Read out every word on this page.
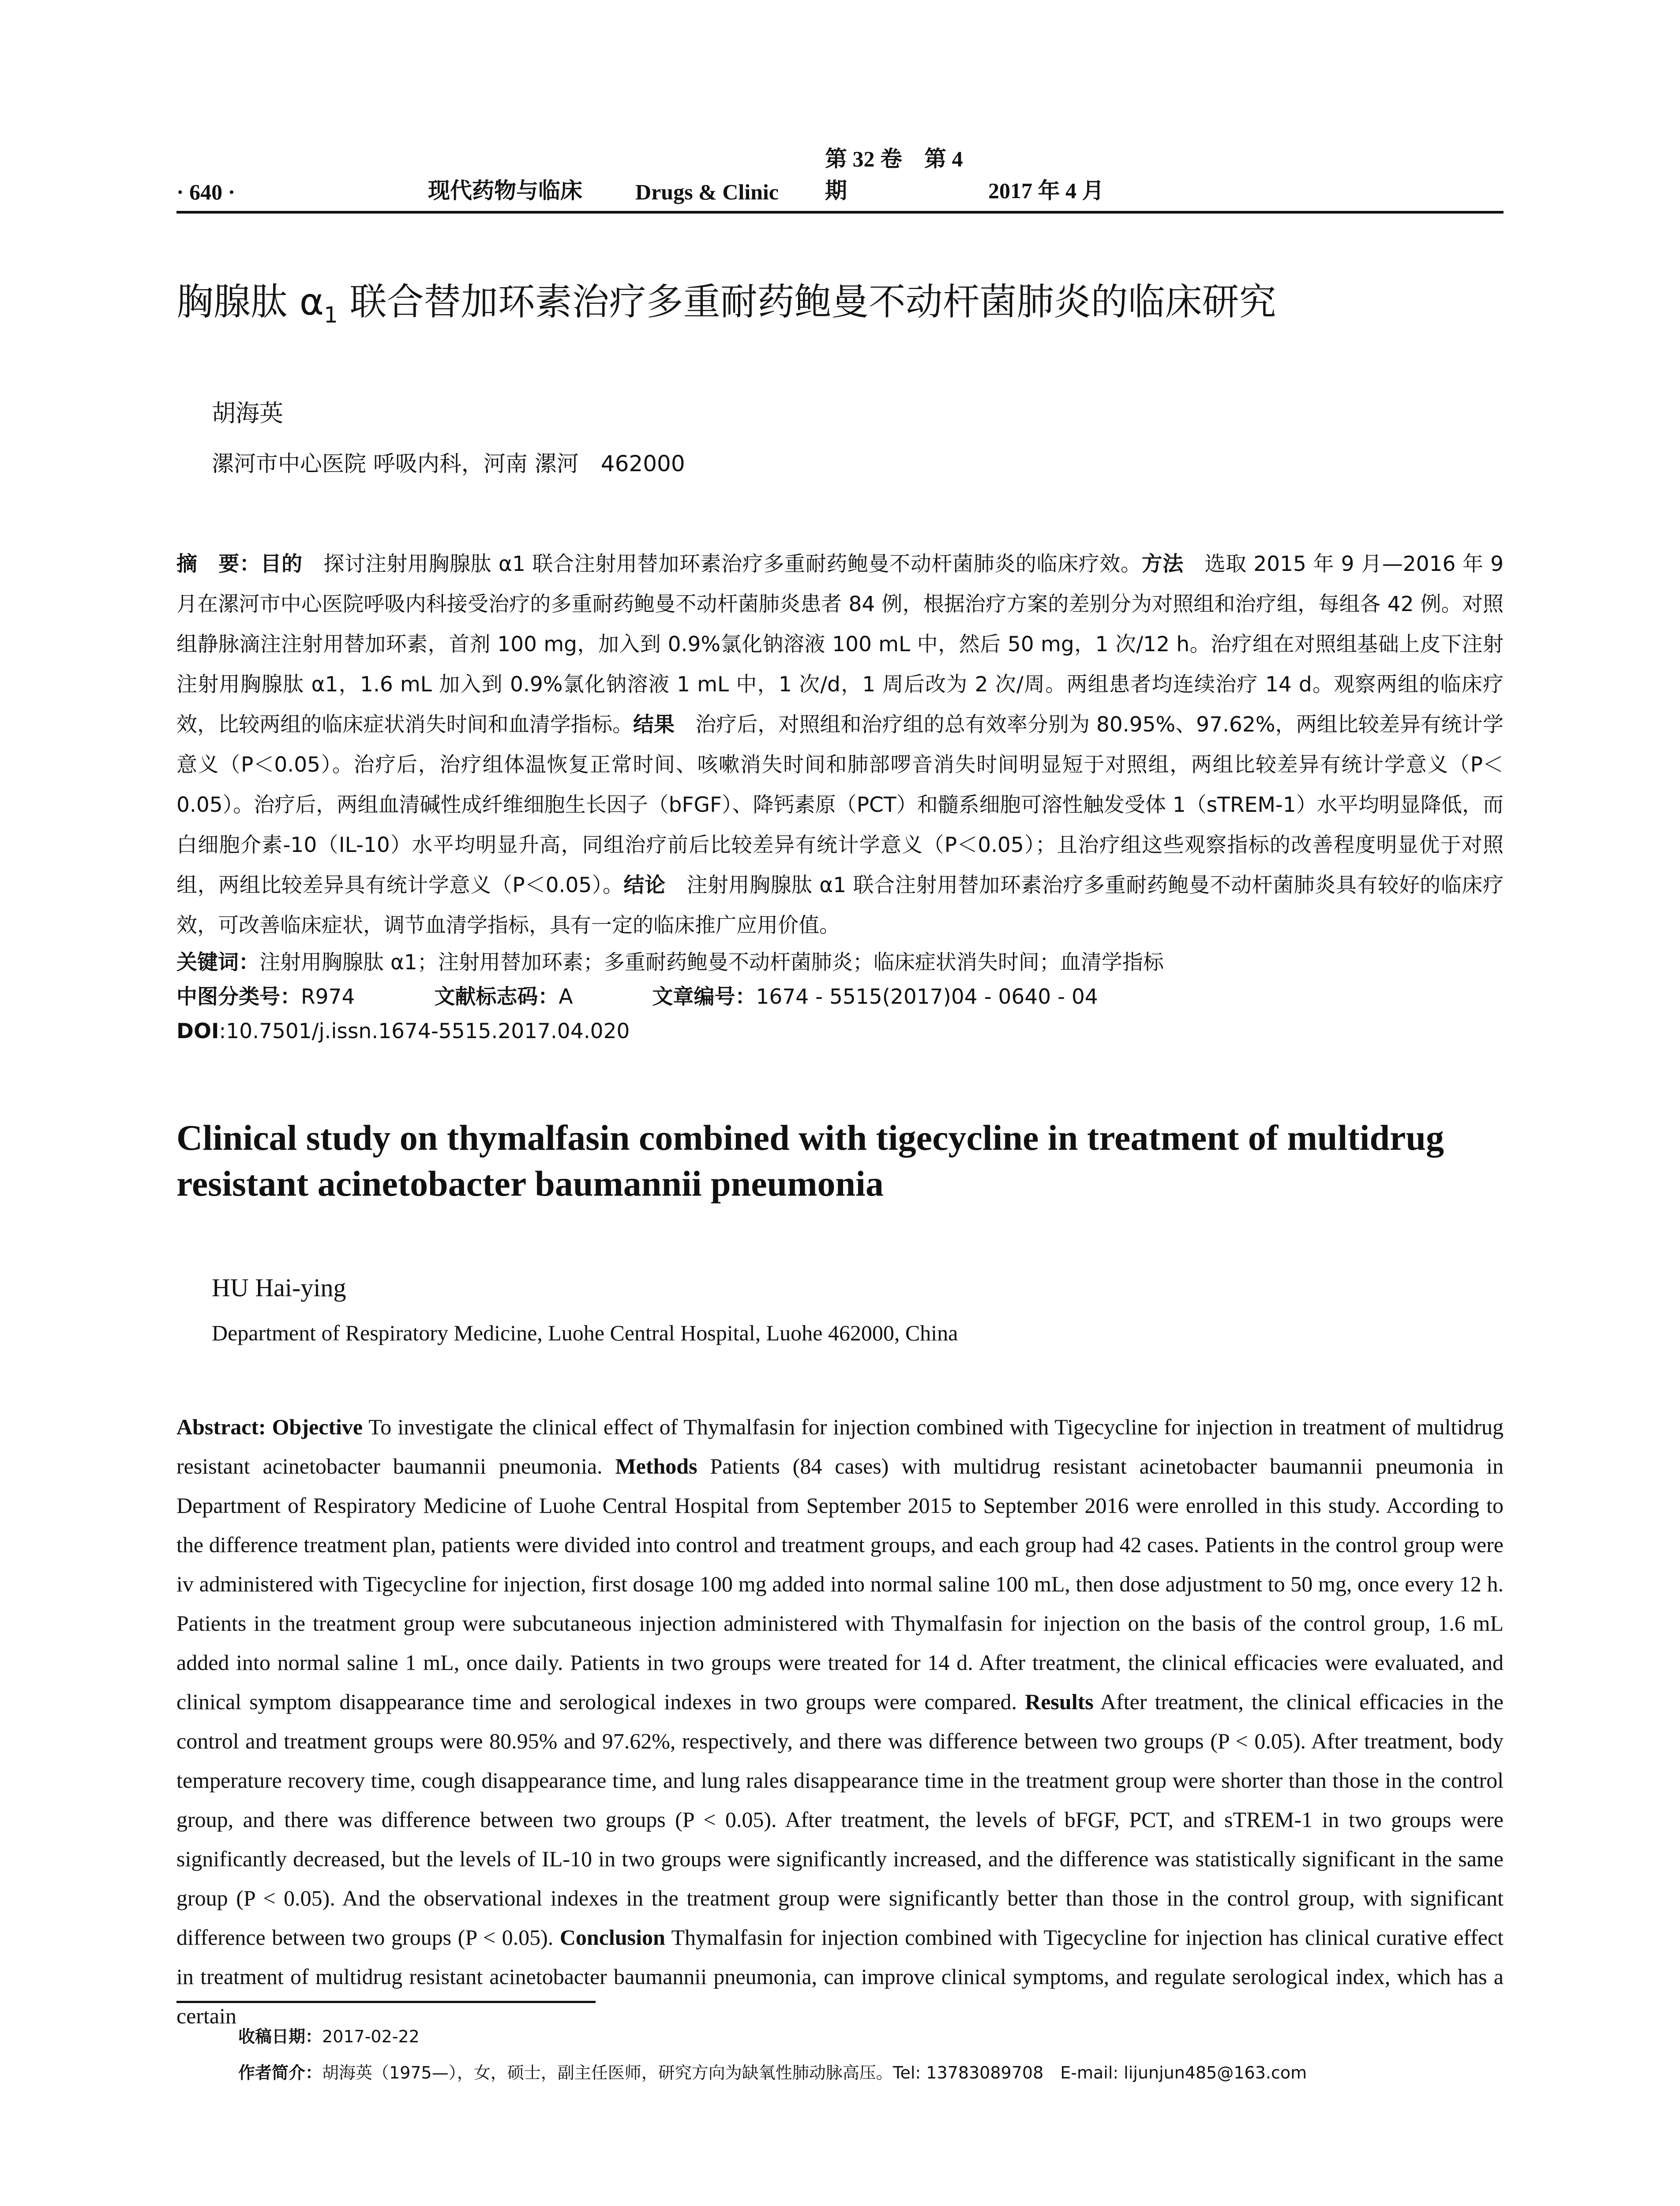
· 640 ·	现代药物与临床	Drugs & Clinic
第 32 卷　第 4 期	2017 年 4 月
胸腺肽 $\alpha_1$ 联合替加环素治疗多重耐药鲍曼不动杆菌肺炎的临床研究
胡海英
漯河市中心医院 呼吸内科，河南 漯河　462000
摘　要：目的　探讨注射用胸腺肽 α1 联合注射用替加环素治疗多重耐药鲍曼不动杆菌肺炎的临床疗效。方法　选取 2015 年 9 月—2016 年 9 月在漯河市中心医院呼吸内科接受治疗的多重耐药鲍曼不动杆菌肺炎患者 84 例，根据治疗方案的差别分为对照组和治疗组，每组各 42 例。对照组静脉滴注注射用替加环素，首剂 100 mg，加入到 0.9%氯化钠溶液 100 mL 中，然后 50 mg，1 次/12 h。治疗组在对照组基础上皮下注射注射用胸腺肽 α1，1.6 mL 加入到 0.9%氯化钠溶液 1 mL 中，1 次/d，1 周后改为 2 次/周。两组患者均连续治疗 14 d。观察两组的临床疗效，比较两组的临床症状消失时间和血清学指标。结果　治疗后，对照组和治疗组的总有效率分别为 80.95%、97.62%，两组比较差异有统计学意义（P＜0.05）。治疗后，治疗组体温恢复正常时间、咳嗽消失时间和肺部啰音消失时间明显短于对照组，两组比较差异有统计学意义（P＜0.05）。治疗后，两组血清碱性成纤维细胞生长因子（bFGF）、降钙素原（PCT）和髓系细胞可溶性触发受体 1（sTREM-1）水平均明显降低，而白细胞介素-10（IL-10）水平均明显升高，同组治疗前后比较差异有统计学意义（P＜0.05）；且治疗组这些观察指标的改善程度明显优于对照组，两组比较差异具有统计学意义（P＜0.05）。结论　注射用胸腺肽 α1 联合注射用替加环素治疗多重耐药鲍曼不动杆菌肺炎具有较好的临床疗效，可改善临床症状，调节血清学指标，具有一定的临床推广应用价值。
关键词：注射用胸腺肽 α1；注射用替加环素；多重耐药鲍曼不动杆菌肺炎；临床症状消失时间；血清学指标
中图分类号：R974	文献标志码：A	文章编号：1674 - 5515(2017)04 - 0640 - 04
DOI:10.7501/j.issn.1674-5515.2017.04.020
Clinical study on thymalfasin combined with tigecycline in treatment of multidrug resistant acinetobacter baumannii pneumonia
HU Hai-ying
Department of Respiratory Medicine, Luohe Central Hospital, Luohe 462000, China
Abstract: Objective To investigate the clinical effect of Thymalfasin for injection combined with Tigecycline for injection in treatment of multidrug resistant acinetobacter baumannii pneumonia. Methods Patients (84 cases) with multidrug resistant acinetobacter baumannii pneumonia in Department of Respiratory Medicine of Luohe Central Hospital from September 2015 to September 2016 were enrolled in this study. According to the difference treatment plan, patients were divided into control and treatment groups, and each group had 42 cases. Patients in the control group were iv administered with Tigecycline for injection, first dosage 100 mg added into normal saline 100 mL, then dose adjustment to 50 mg, once every 12 h. Patients in the treatment group were subcutaneous injection administered with Thymalfasin for injection on the basis of the control group, 1.6 mL added into normal saline 1 mL, once daily. Patients in two groups were treated for 14 d. After treatment, the clinical efficacies were evaluated, and clinical symptom disappearance time and serological indexes in two groups were compared. Results After treatment, the clinical efficacies in the control and treatment groups were 80.95% and 97.62%, respectively, and there was difference between two groups (P < 0.05). After treatment, body temperature recovery time, cough disappearance time, and lung rales disappearance time in the treatment group were shorter than those in the control group, and there was difference between two groups (P < 0.05). After treatment, the levels of bFGF, PCT, and sTREM-1 in two groups were significantly decreased, but the levels of IL-10 in two groups were significantly increased, and the difference was statistically significant in the same group (P < 0.05). And the observational indexes in the treatment group were significantly better than those in the control group, with significant difference between two groups (P < 0.05). Conclusion Thymalfasin for injection combined with Tigecycline for injection has clinical curative effect in treatment of multidrug resistant acinetobacter baumannii pneumonia, can improve clinical symptoms, and regulate serological index, which has a certain
收稿日期：2017-02-22
作者简介：胡海英（1975—），女，硕士，副主任医师，研究方向为缺氧性肺动脉高压。Tel: 13783089708　E-mail: lijunjun485@163.com
